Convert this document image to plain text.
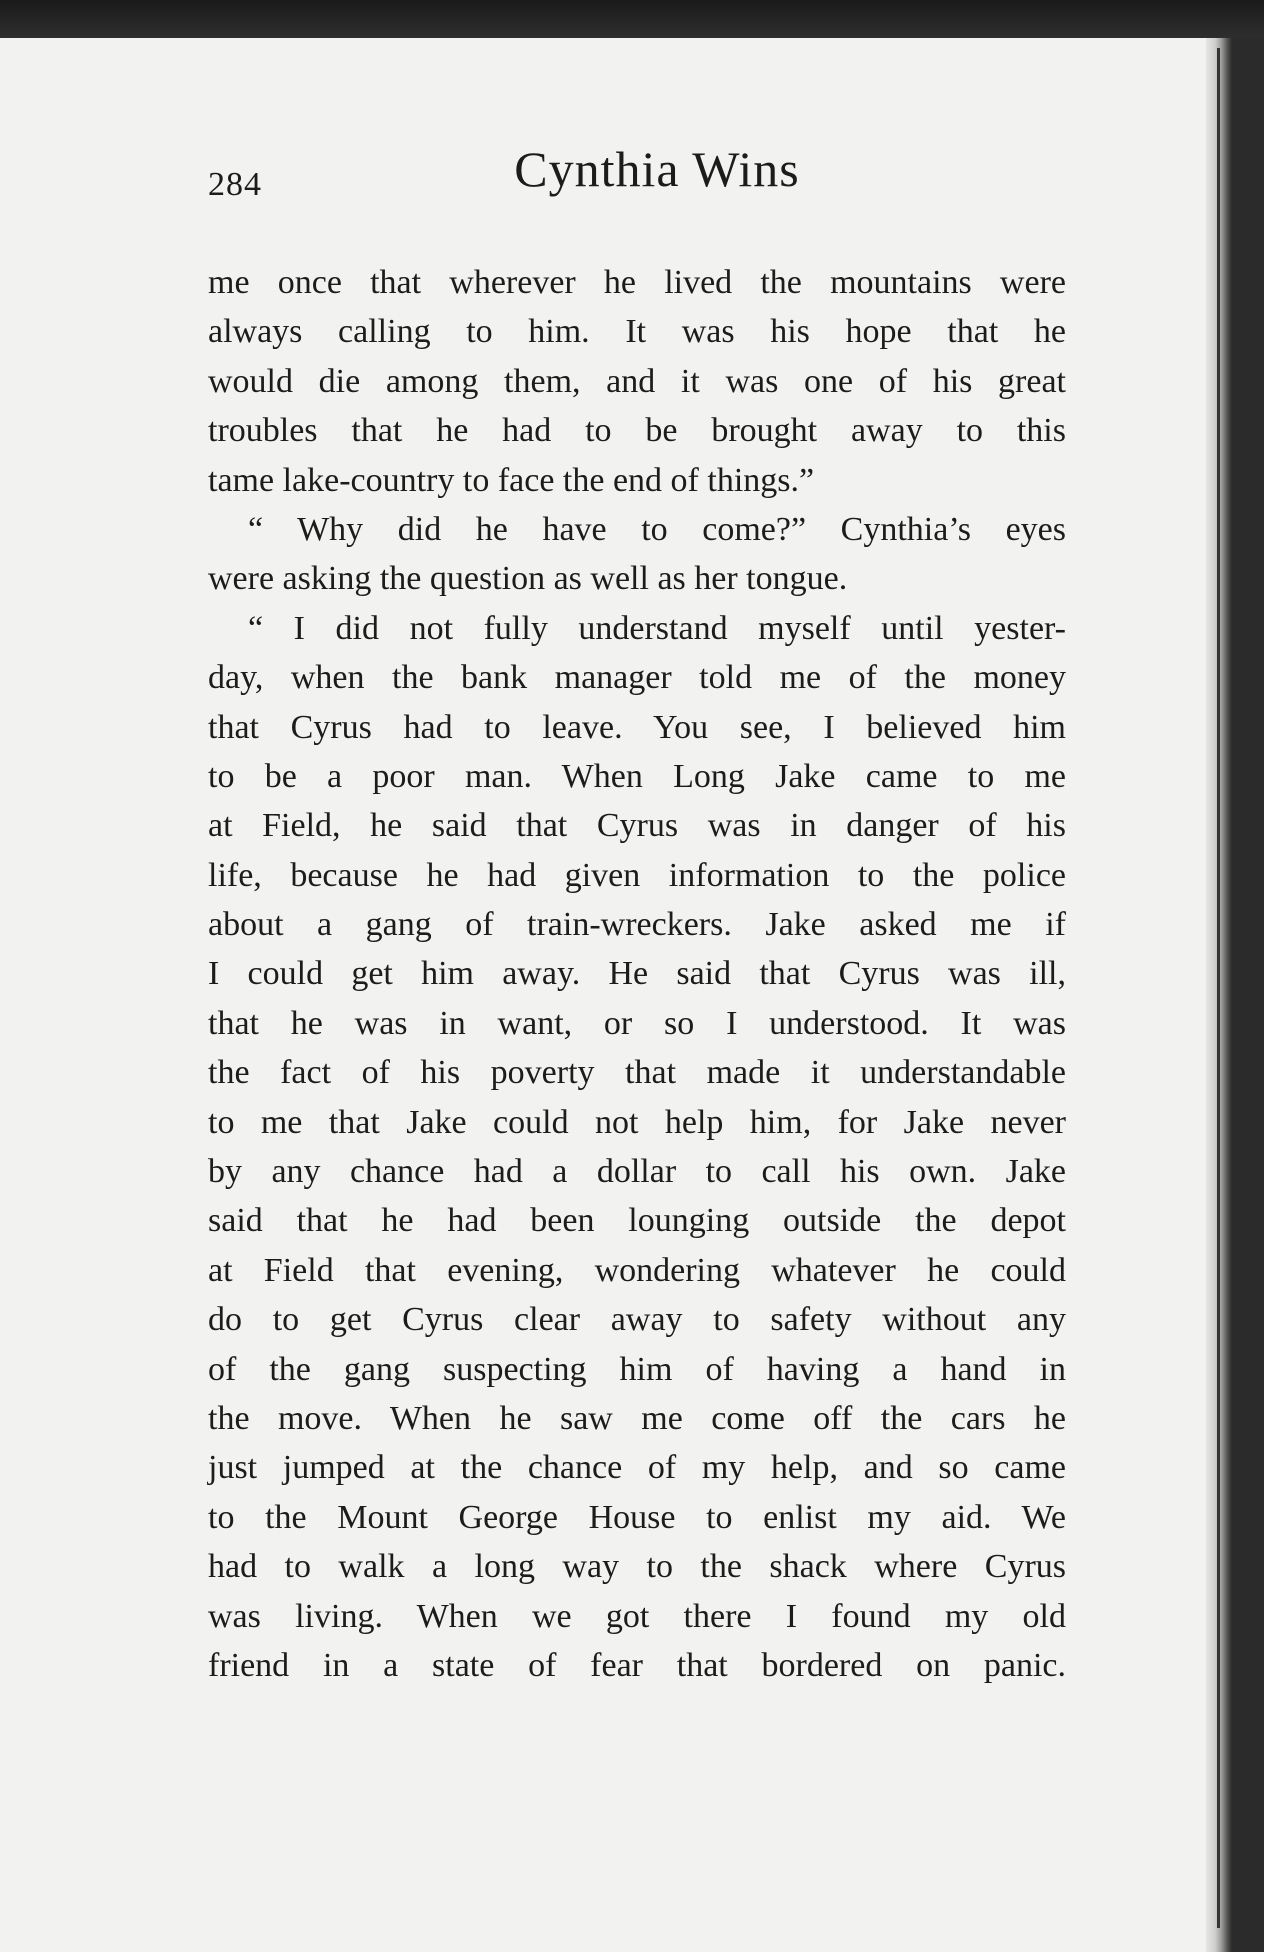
284	Cynthia Wins
me once that wherever he lived the mountains were
always calling to him. It was his hope that he
would die among them, and it was one of his great
troubles that he had to be brought away to this
tame lake-country to face the end of things.”
“ Why did he have to come?” Cynthia’s eyes
were asking the question as well as her tongue.
“ I did not fully understand myself until yester-
day, when the bank manager told me of the money
that Cyrus had to leave. You see, I believed him
to be a poor man. When Long Jake came to me
at Field, he said that Cyrus was in danger of his
life, because he had given information to the police
about a gang of train-wreckers. Jake asked me if
I could get him away. He said that Cyrus was ill,
that he was in want, or so I understood. It was
the fact of his poverty that made it understandable
to me that Jake could not help him, for Jake never
by any chance had a dollar to call his own. Jake
said that he had been lounging outside the depot
at Field that evening, wondering whatever he could
do to get Cyrus clear away to safety without any
of the gang suspecting him of having a hand in
the move. When he saw me come off the cars he
just jumped at the chance of my help, and so came
to the Mount George House to enlist my aid. We
had to walk a long way to the shack where Cyrus
was living. When we got there I found my old
friend in a state of fear that bordered on panic.
